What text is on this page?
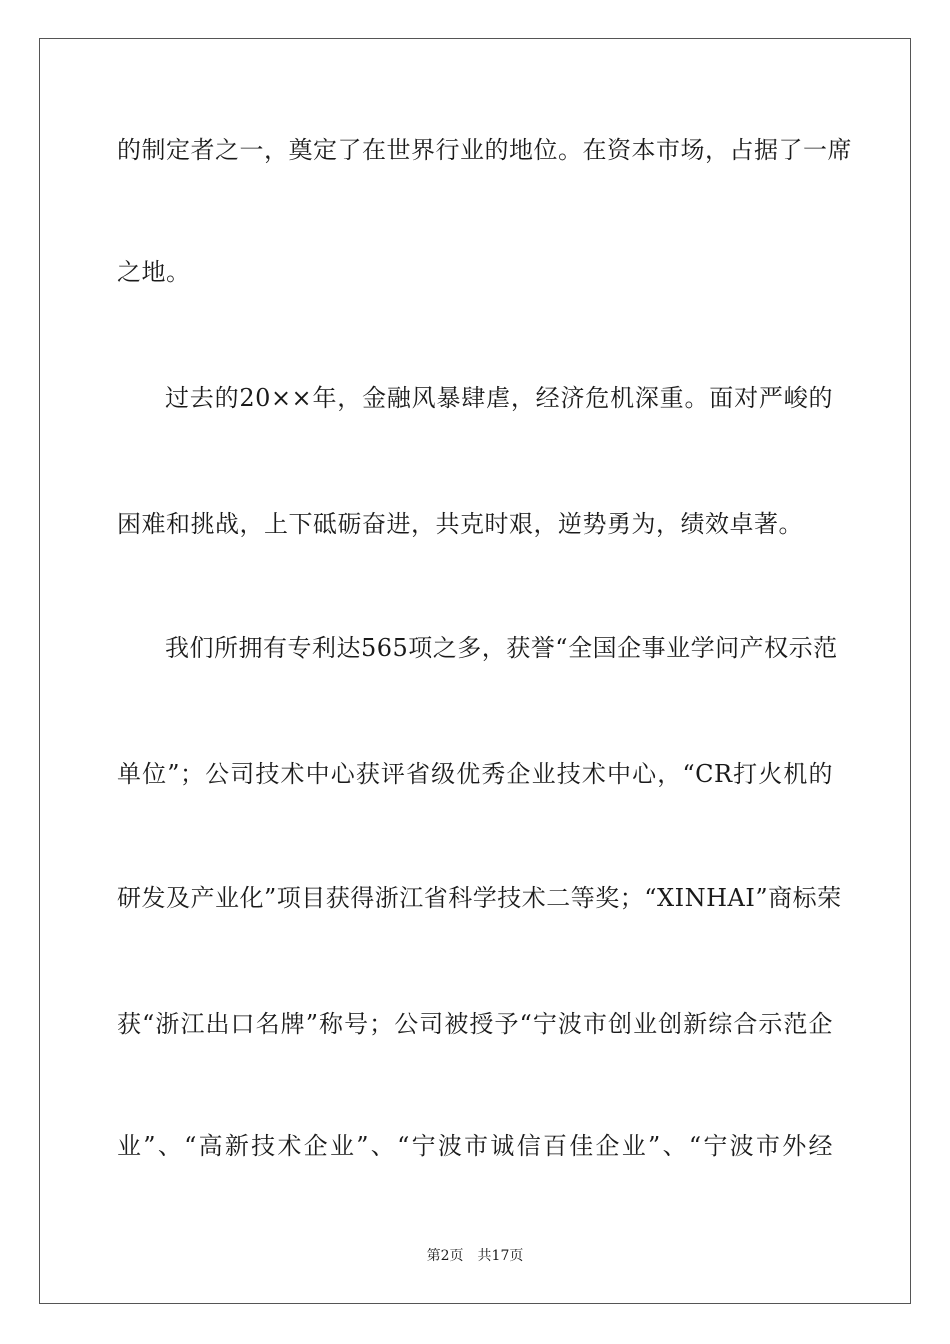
的制定者之一，奠定了在世界行业的地位。在资本市场，占据了一席
之地。
过去的20××年，金融风暴肆虐，经济危机深重。面对严峻的
困难和挑战，上下砥砺奋进，共克时艰，逆势勇为，绩效卓著。
我们所拥有专利达565项之多，获誉“全国企事业学问产权示范
单位”；公司技术中心获评省级优秀企业技术中心，“CR打火机的
研发及产业化”项目获得浙江省科学技术二等奖；“XINHAI”商标荣
获“浙江出口名牌”称号；公司被授予“宁波市创业创新综合示范企
业”、“高新技术企业”、“宁波市诚信百佳企业”、“宁波市外经
第2页 共17页
